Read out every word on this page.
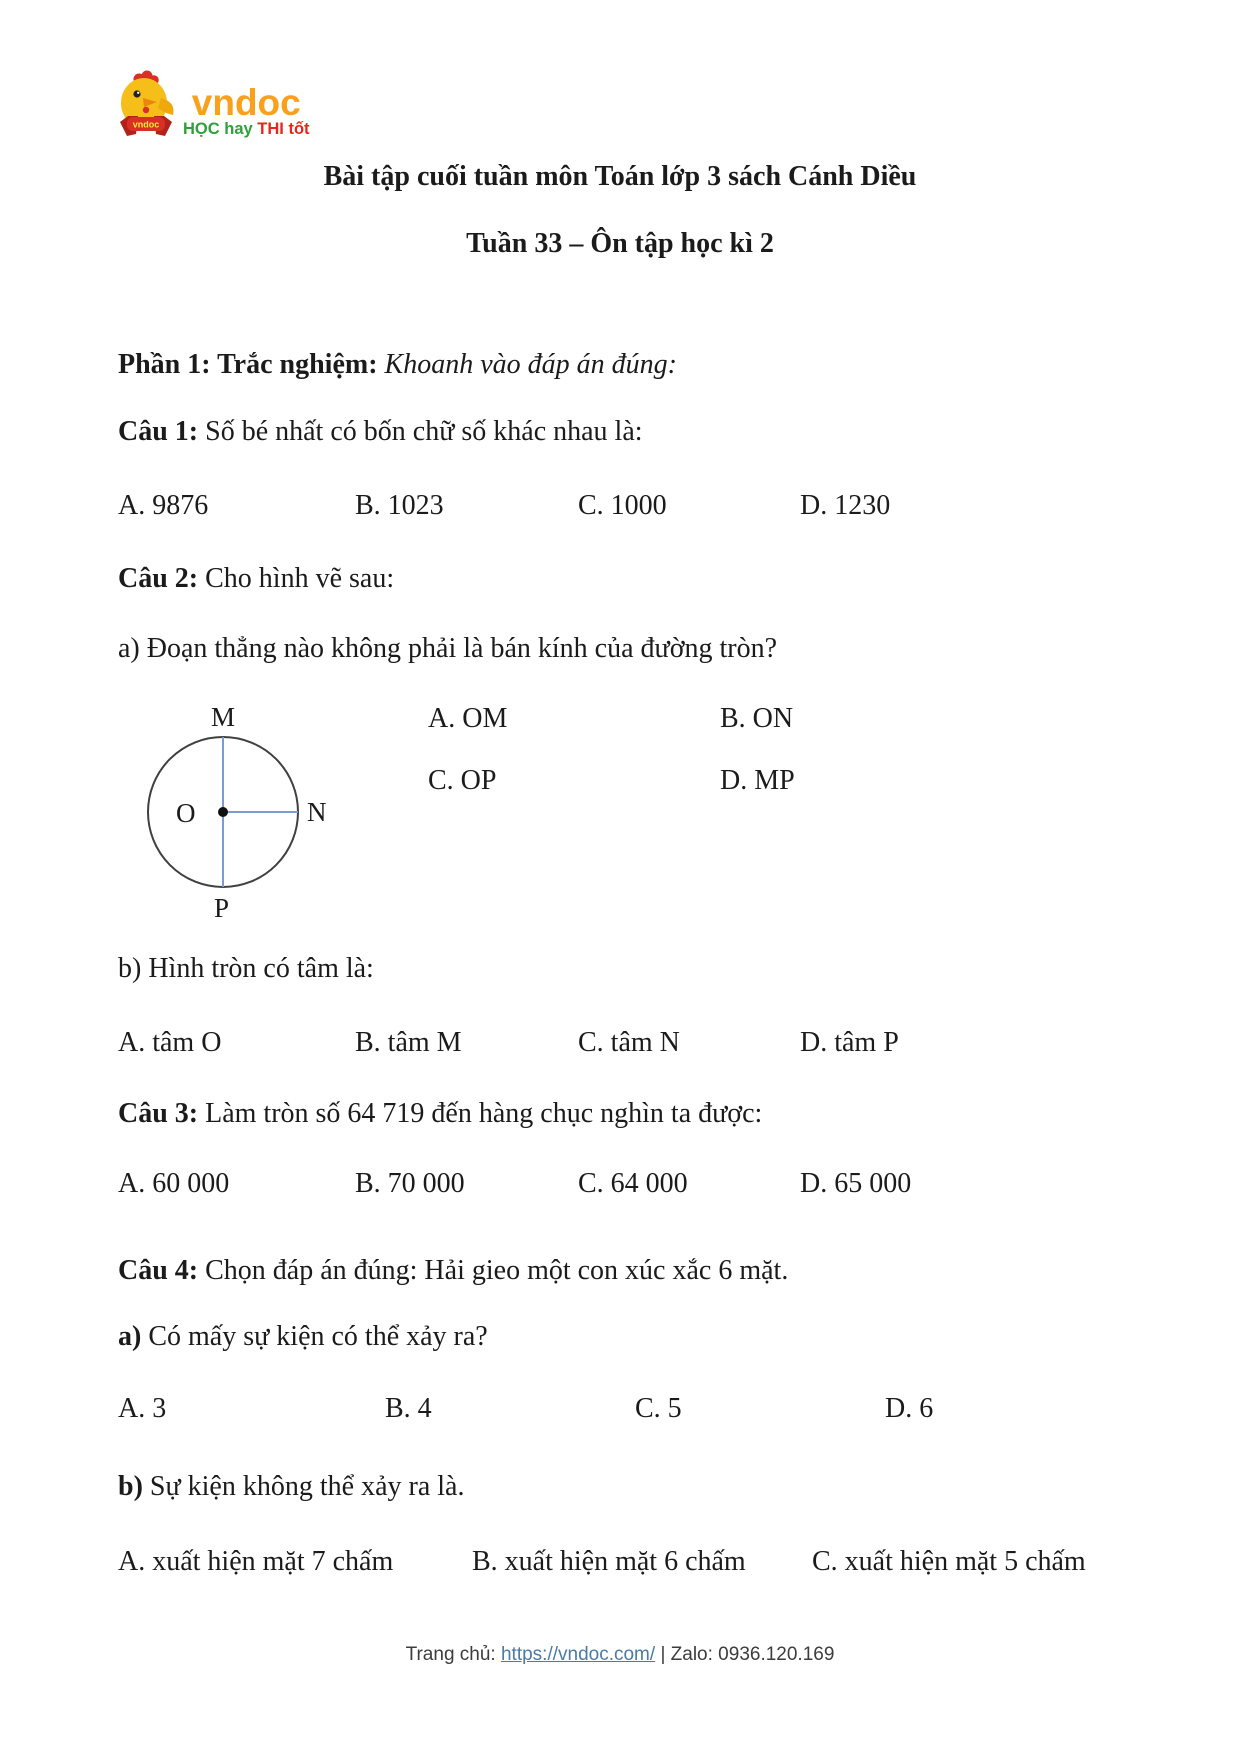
vndoc
vndoc
HỌC hay THI tốt
Bài tập cuối tuần môn Toán lớp 3 sách Cánh Diều
Tuần 33 – Ôn tập học kì 2
Phần 1: Trắc nghiệm: Khoanh vào đáp án đúng:
Câu 1: Số bé nhất có bốn chữ số khác nhau là:
A. 9876	B. 1023	C. 1000	D. 1230
Câu 2: Cho hình vẽ sau:
a) Đoạn thẳng nào không phải là bán kính của đường tròn?
M
N
O
P
A. OM	B. ON
C. OP	D. MP
b) Hình tròn có tâm là:
A. tâm O	B. tâm M	C. tâm N	D. tâm P
Câu 3: Làm tròn số 64 719 đến hàng chục nghìn ta được:
A. 60 000	B. 70 000	C. 64 000	D. 65 000
Câu 4: Chọn đáp án đúng: Hải gieo một con xúc xắc 6 mặt.
a) Có mấy sự kiện có thể xảy ra?
A. 3	B. 4	C. 5	D. 6
b) Sự kiện không thể xảy ra là.
A. xuất hiện mặt 7 chấm	B. xuất hiện mặt 6 chấm C. xuất hiện mặt 5 chấm
Trang chủ: https://vndoc.com/ | Zalo: 0936.120.169
